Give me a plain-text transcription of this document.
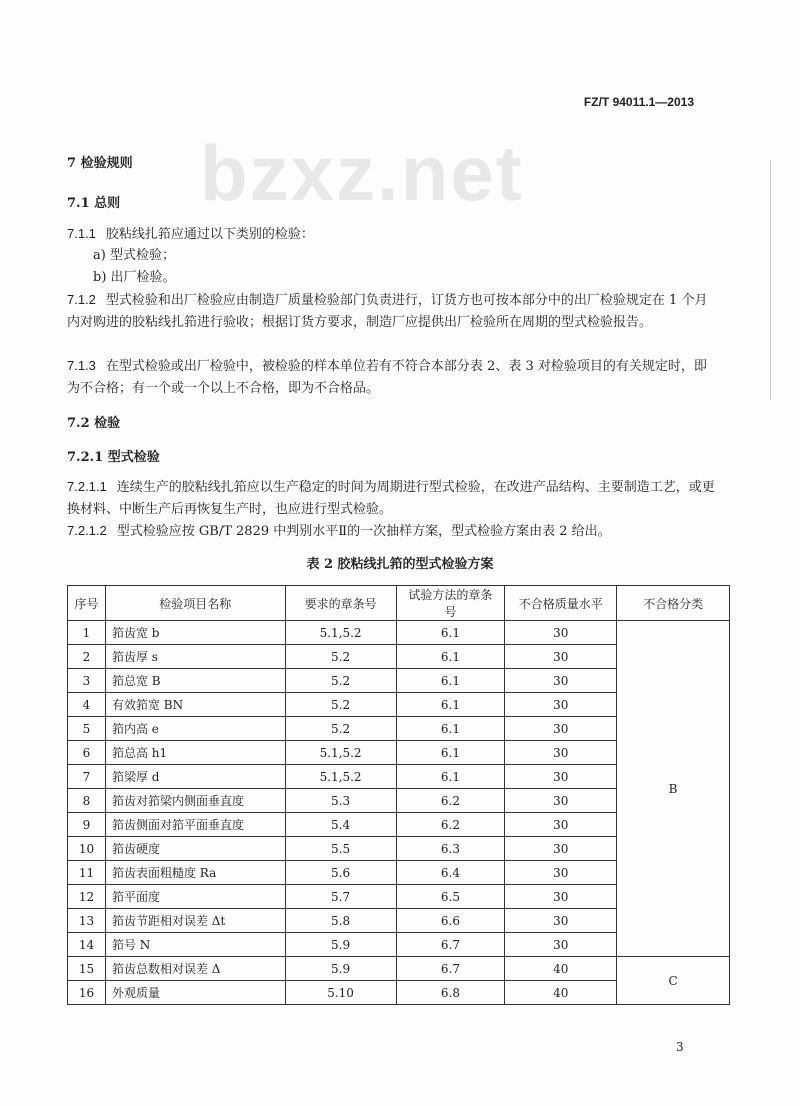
FZ/T 94011.1—2013
bzxz.net
7 检验规则
7.1 总则
7.1.1 胶粘线扎筘应通过以下类别的检验：
a) 型式检验；
b) 出厂检验。
7.1.2 型式检验和出厂检验应由制造厂质量检验部门负责进行，订货方也可按本部分中的出厂检验规定在 1 个月内对购进的胶粘线扎筘进行验收；根据订货方要求，制造厂应提供出厂检验所在周期的型式检验报告。
7.1.3 在型式检验或出厂检验中，被检验的样本单位若有不符合本部分表 2、表 3 对检验项目的有关规定时，即为不合格；有一个或一个以上不合格，即为不合格品。
7.2 检验
7.2.1 型式检验
7.2.1.1 连续生产的胶粘线扎筘应以生产稳定的时间为周期进行型式检验，在改进产品结构、主要制造工艺，或更换材料、中断生产后再恢复生产时，也应进行型式检验。
7.2.1.2 型式检验应按 GB/T 2829 中判别水平Ⅱ的一次抽样方案，型式检验方案由表 2 给出。
表 2 胶粘线扎筘的型式检验方案
序号	检验项目名称	要求的章条号	试验方法的章条号	不合格质量水平	不合格分类
1	筘齿宽 b	5.1,5.2	6.1	30	B
2	筘齿厚 s	5.2	6.1	30	
3	筘总宽 B	5.2	6.1	30	
4	有效筘宽 BN	5.2	6.1	30	
5	筘内高 e	5.2	6.1	30	
6	筘总高 h1	5.1,5.2	6.1	30	
7	筘梁厚 d	5.1,5.2	6.1	30	
8	筘齿对筘梁内侧面垂直度	5.3	6.2	30	
9	筘齿侧面对筘平面垂直度	5.4	6.2	30	
10	筘齿硬度	5.5	6.3	30	
11	筘齿表面粗糙度 Ra	5.6	6.4	30	
12	筘平面度	5.7	6.5	30	
13	筘齿节距相对误差 Δt	5.8	6.6	30	
14	筘号 N	5.9	6.7	30	
15	筘齿总数相对误差 Δ	5.9	6.7	40	C
16	外观质量	5.10	6.8	40	
3
